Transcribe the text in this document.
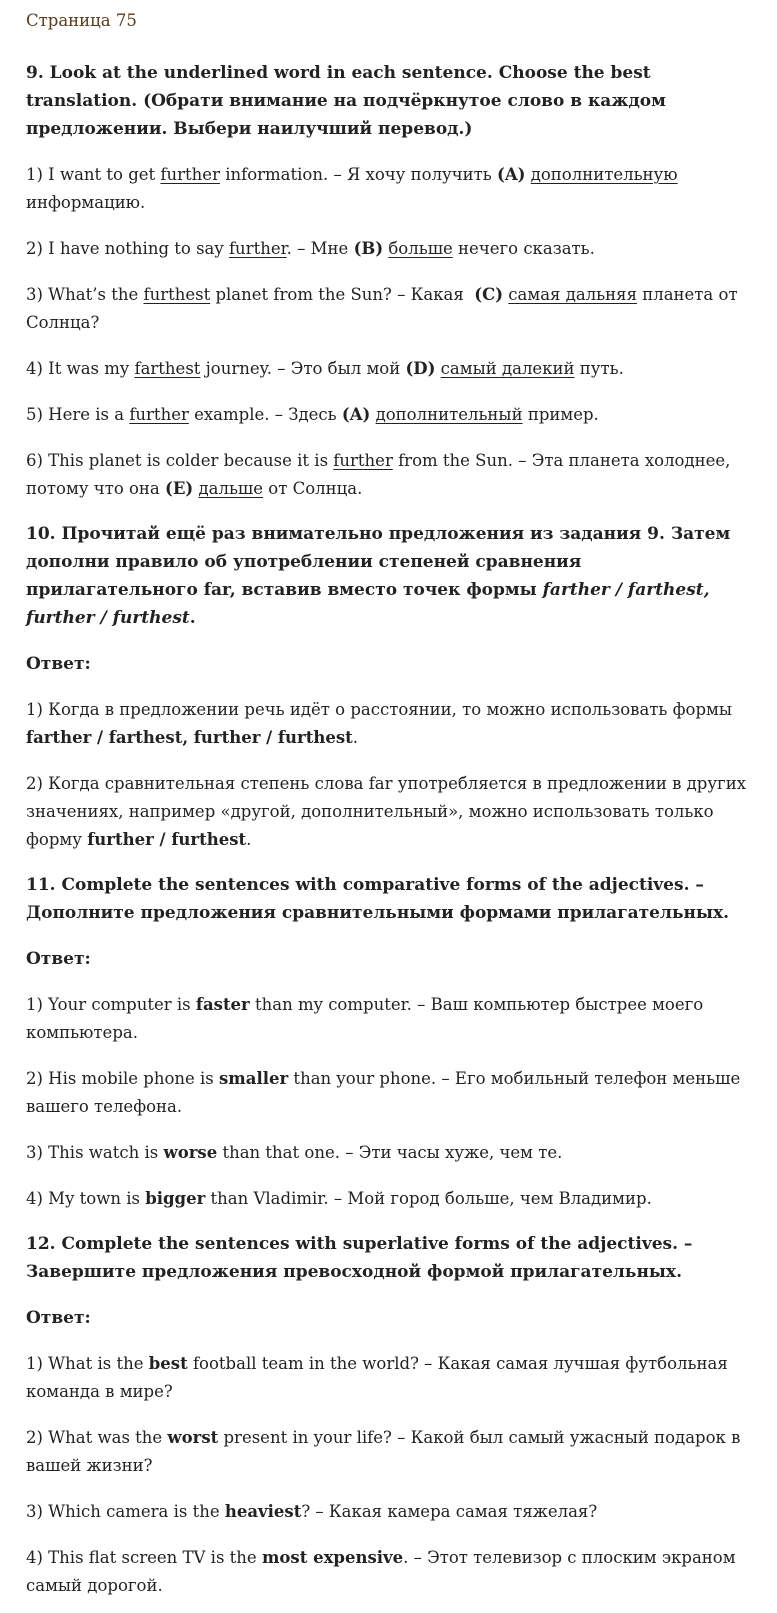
Страница 75

9. Look at the underlined word in each sentence. Choose the best translation. (Обрати внимание на подчёркнутое слово в каждом предложении. Выбери наилучший перевод.)

1) I want to get further information. – Я хочу получить (A) дополнительную информацию.

2) I have nothing to say further. – Мне (B) больше нечего сказать.

3) What’s the furthest planet from the Sun? – Какая  (C) самая дальняя планета от Солнца?

4) It was my farthest journey. – Это был мой (D) самый далекий путь.

5) Here is a further example. – Здесь (A) дополнительный пример.

6) This planet is colder because it is further from the Sun. – Эта планета холоднее, потому что она (E) дальше от Солнца.

10. Прочитай ещё раз внимательно предложения из задания 9. Затем дополни правило об употреблении степеней сравнения прилагательного far, вставив вместо точек формы farther / farthest, further / furthest.

Ответ:

1) Когда в предложении речь идёт о расстоянии, то можно использовать формы farther / farthest, further / furthest.

2) Когда сравнительная степень слова far употребляется в предложении в других значениях, например «другой, дополнительный», можно использовать только форму further / furthest.

11. Complete the sentences with comparative forms of the adjectives. – Дополните предложения сравнительными формами прилагательных.

Ответ:

1) Your computer is faster than my computer. – Ваш компьютер быстрее моего компьютера.

2) His mobile phone is smaller than your phone. – Его мобильный телефон меньше вашего телефона.

3) This watch is worse than that one. – Эти часы хуже, чем те.

4) My town is bigger than Vladimir. – Мой город больше, чем Владимир.

12. Complete the sentences with superlative forms of the adjectives. – Завершите предложения превосходной формой прилагательных.

Ответ:

1) What is the best football team in the world? – Какая самая лучшая футбольная команда в мире?

2) What was the worst present in your life? – Какой был самый ужасный подарок в вашей жизни?

3) Which camera is the heaviest? – Какая камера самая тяжелая?

4) This flat screen TV is the most expensive. – Этот телевизор с плоским экраном самый дорогой.
